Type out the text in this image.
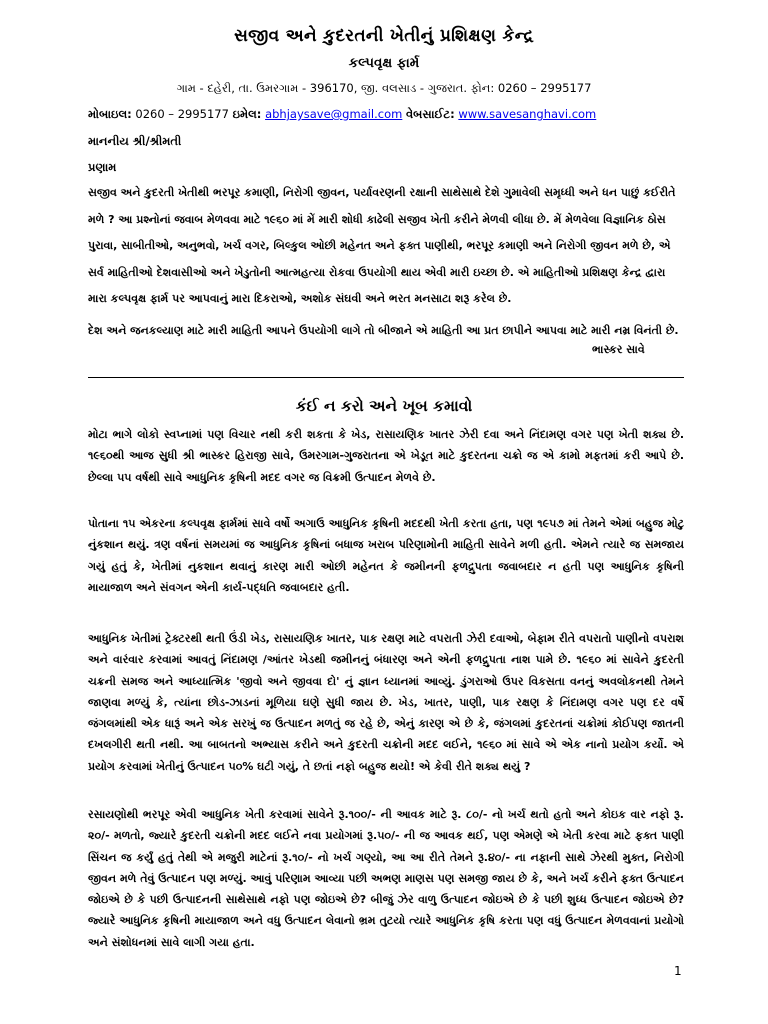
સજીવ અને કુદરતની ખેતીનું પ્રશિક્ષણ કેન્દ્ર
કલ્પવૃક્ષ ફાર્મ
ગામ - દહેરી, તા. ઉમરગામ - 396170, જી. વલસાડ - ગુજરાત. ફોન: 0260 – 2995177
મોબાઇલ: 0260 – 2995177 ઇમેલ: abhjaysave@gmail.com વેબસાઈટ: www.savesanghavi.com
માનનીય શ્રી/શ્રીમતી
પ્રણામ

સજીવ અને કુદરતી ખેતીથી ભરપૂર કમાણી, નિરોગી જીવન, પર્યાવરણની રક્ષાની સાથેસાથે દેશે ગુમાવેલી સમૃધ્ધી અને ધન પાછું કઈરીતે મળે ? આ પ્રશ્નોનાં જવાબ મેળવવા માટે ૧૯૬૦ માં મેં મારી શોધી કાઢેલી સજીવ ખેતી કરીને મેળવી લીધા છે. મેં મેળવેલા વિજ્ઞાનિક ઠોસ પુરાવા, સાબીતીઓ, અનુભવો, ખર્ચ વગર, બિલ્કુલ ઓછી મહેનત અને ફક્ત પાણીથી, ભરપૂર કમાણી અને નિરોગી જીવન મળે છે, એ સર્વ માહિતીઓ દેશવાસીઓ અને ખેડુતોની આત્મહત્યા રોકવા ઉપયોગી થાય એવી મારી ઇચ્છા છે. એ માહિતીઓ પ્રશિક્ષણ કેન્દ્ર દ્વારા મારા કલ્પવૃક્ષ ફાર્મ પર આપવાનું મારા દિકરાઓ, અશોક સંઘવી અને ભરત મનસાટા શરૂ કરેલ છે.

દેશ અને જનકલ્યાણ માટે મારી માહિતી આપને ઉપયોગી લાગે તો બીજાને એ માહિતી આ પ્રત છાપીને આપવા માટે મારી નમ્ર વિનંતી છે.

ભાસ્કર સાવે
કંઈ ન કરો અને ખૂબ કમાવો

મોટા ભાગે લોકો સ્વપ્નામાં પણ વિચાર નથી કરી શકતા કે ખેડ, રાસાયણિક ખાતર ઝેરી દવા અને નિંદામણ વગર પણ ખેતી શક્ય છે. ૧૯૬૦થી આજ સુધી શ્રી ભાસ્કર હિરાજી સાવે, ઉમરગામ-ગુજરાતના એ ખેડૂત માટે કુદરતના ચક્રો જ એ કામો મફતમાં કરી આપે છે. છેલ્લા ૫૫ વર્ષથી સાવે આધુનિક કૃષિની મદદ વગર જ વિક્રમી ઉત્પાદન મેળવે છે.

પોતાના ૧૫ એકરના કલ્પવૃક્ષ ફાર્મમાં સાવે વર્ષો અગાઉ આધુનિક કૃષિની મદદથી ખેતી કરતા હતા, પણ ૧૯૫૭ માં તેમને એમાં બહુજ મોટુ નુંકશાન થયું. ત્રણ વર્ષનાં સમયમાં જ આધુનિક કૃષિનાં બધાજ ખરાબ પરિણામોની માહિતી સાવેને મળી હતી. એમને ત્યારે જ સમજાય ગયું હતું કે, ખેતીમાં નુકશાન થવાનું કારણ મારી ઓછી મહેનત કે જમીનની ફળદ્રુપતા જવાબદાર ન હતી પણ આધુનિક કૃષિની માયાજાળ અને સંવગન એની કાર્ય-પદ્ધતિ જવાબદાર હતી.

આધુનિક ખેતીમાં ટ્રેક્ટરથી થતી ઉંડી ખેડ, રાસાયણિક ખાતર, પાક રક્ષણ માટે વપરાતી ઝેરી દવાઓ, બેફામ રીતે વપરાતો પાણીનો વપરાશ અને વારંવાર કરવામાં આવતું નિંદામણ /આંતર ખેડથી જમીનનું બંધારણ અને એની ફળદ્રુપતા નાશ પામે છે. ૧૯૬૦ માં સાવેને કુદરતી ચક્રની સમજ અને આધ્યાત્મિક 'જીવો અને જીવવા દો' નું જ્ઞાન ધ્યાનમાં આવ્યું. ડુંગરાઓ ઉપર વિકસતા વનનું અવલોકનથી તેમને જાણવા મળ્યું કે, ત્યાંના છોડ-ઝાડનાં મૂળિયા ઘણે સુધી જાય છે. ખેડ, ખાતર, પાણી, પાક રક્ષણ કે નિંદામણ વગર પણ દર વર્ષે જંગલમાંથી એક ધારૂં અને એક સરખું જ ઉત્પાદન મળતું જ રહે છે, એનું કારણ એ છે કે, જંગલમાં કુદરતનાં ચક્રોમાં કોઈપણ જાતની દખલગીરી થતી નથી. આ બાબતનો અભ્યાસ કરીને અને કુદરતી ચક્રોની મદદ લઈને, ૧૯૬૦ માં સાવે એ એક નાનો પ્રયોગ કર્યો. એ પ્રયોગ કરવામાં ખેતીનું ઉત્પાદન ૫૦% ઘટી ગયું, તે છતાં નફો બહુજ થયો! એ કેવી રીતે શક્ય થયું ?

રસાયણોથી ભરપૂર એવી આધુનિક ખેતી કરવામાં સાવેને રૂ.૧૦૦/- ની આવક માટે રૂ. ૮૦/- નો ખર્ચ થતો હતો અને કોઇક વાર નફો રૂ. ૨૦/- મળતો, જ્યારે કુદરતી ચક્રોની મદદ લઈને નવા પ્રયોગમાં રૂ.૫૦/- ની જ આવક થઈ, પણ એમણે એ ખેતી કરવા માટે ફક્ત પાણી સિંચન જ કર્યું હતું તેથી એ મજુરી માટેનાં રૂ.૧૦/- નો ખર્ચ ગણ્યો, આ આ રીતે તેમને રૂ.૪૦/- ના નફાની સાથે ઝેરથી મુક્ત, નિરોગી જીવન મળે તેવું ઉત્પાદન પણ મળ્યું. આવું પરિણામ આવ્યા પછી અભણ માણસ પણ સમજી જાય છે કે, અને ખર્ચ કરીને ફક્ત ઉત્પાદન જોઇએ છે કે પછી ઉત્પાદનની સાથેસાથે નફો પણ જોઇએ છે? બીજું ઝેર વાળુ ઉત્પાદન જોઇએ છે કે પછી શુધ્ધ ઉત્પાદન જોઇએ છે? જ્યારે આધુનિક કૃષિની માયાજાળ અને વધુ ઉત્પાદન લેવાનો ભ્રમ તુટયો ત્યારે આધુનિક કૃષિ કરતા પણ વધું ઉત્પાદન મેળવવાનાં પ્રયોગો અને સંશોધનમાં સાવે લાગી ગયા હતા.

1
